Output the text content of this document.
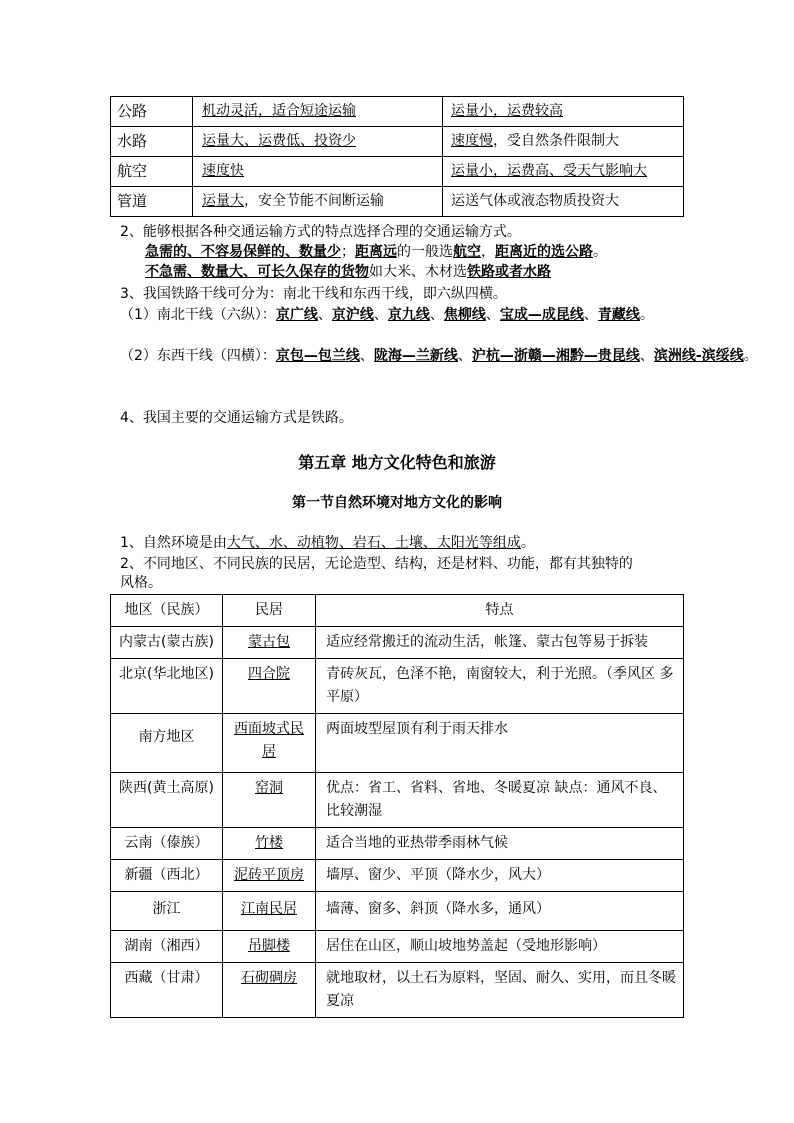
公路	机动灵活，适合短途运输	运量小，运费较高
水路	运量大、运费低、投资少	速度慢，受自然条件限制大
航空	速度快	运量小，运费高、受天气影响大
管道	运量大，安全节能不间断运输	运送气体或液态物质投资大
2、能够根据各种交通运输方式的特点选择合理的交通运输方式。
急需的、不容易保鲜的、数量少；距离远的一般选航空，距离近的选公路。
不急需、数量大、可长久保存的货物如大米、木材选铁路或者水路
3、我国铁路干线可分为：南北干线和东西干线，即六纵四横。
（1）南北干线（六纵）：京广线、京沪线、京九线、焦柳线、宝成—成昆线、青藏线。
（2）东西干线（四横）：京包—包兰线、陇海—兰新线、沪杭—浙赣—湘黔—贵昆线、滨洲线-滨绥线。
4、我国主要的交通运输方式是铁路。
第五章 地方文化特色和旅游
第一节自然环境对地方文化的影响
1、自然环境是由大气、水、动植物、岩石、土壤、太阳光等组成。
2、不同地区、不同民族的民居，无论造型、结构，还是材料、功能，都有其独特的
风格。
地区（民族）	民居	特点
内蒙古(蒙古族)	蒙古包	适应经常搬迁的流动生活，帐篷、蒙古包等易于拆装
北京(华北地区)	四合院	青砖灰瓦，色泽不艳，南窗较大，利于光照。（季风区 多平原）
南方地区	西面坡式民居	两面坡型屋顶有利于雨天排水
陕西(黄土高原)	窑洞	优点：省工、省料、省地、冬暖夏凉 缺点：通风不良、比较潮湿
云南（傣族）	竹楼	适合当地的亚热带季雨林气候
新疆（西北）	泥砖平顶房	墙厚、窗少、平顶（降水少，风大）
浙江	江南民居	墙薄、窗多、斜顶（降水多，通风）
湖南（湘西）	吊脚楼	居住在山区，顺山坡地势盖起（受地形影响）
西藏（甘肃）	石砌碉房	就地取材，以土石为原料，坚固、耐久、实用，而且冬暖夏凉
